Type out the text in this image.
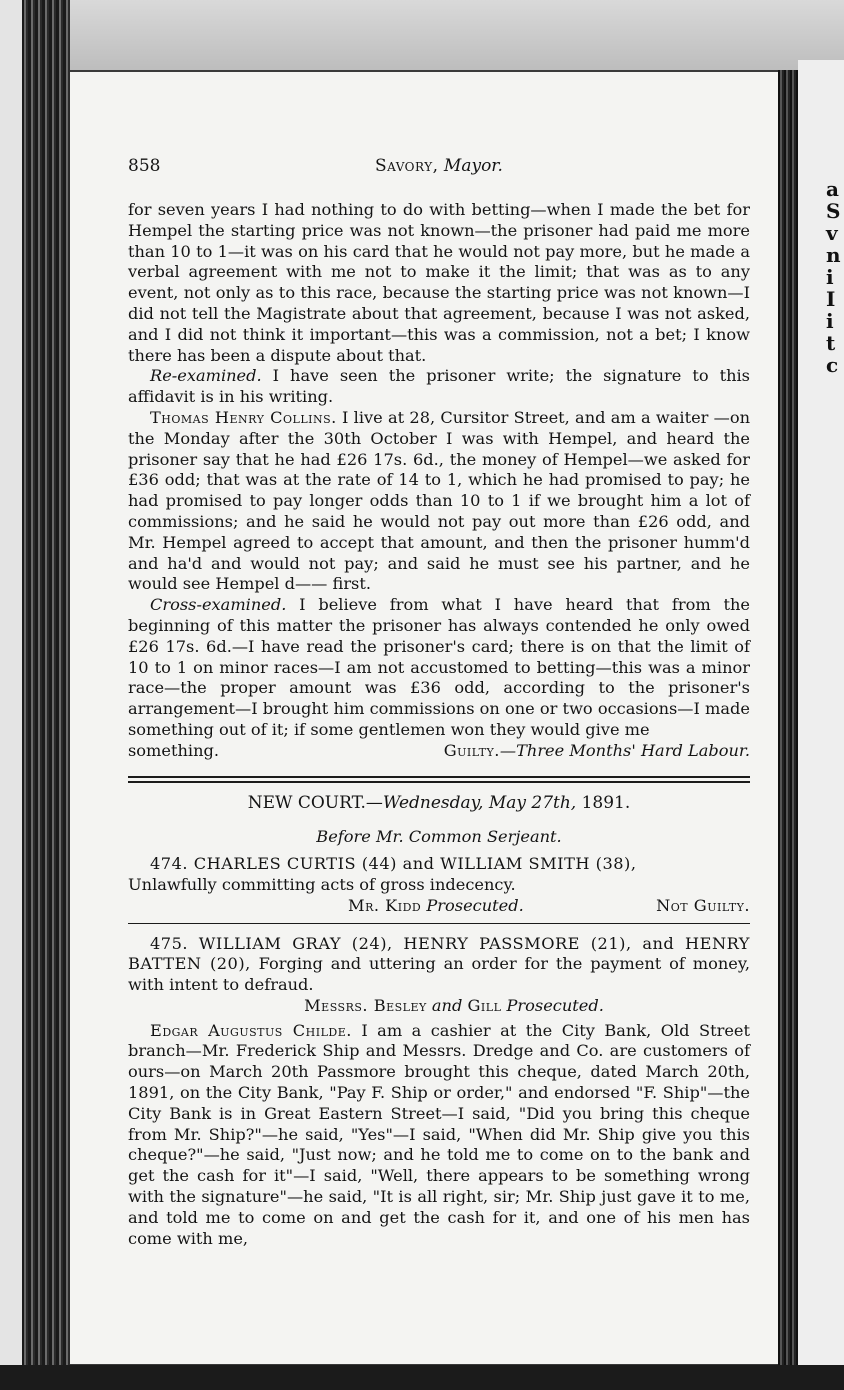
a
S
v
n
i
I
i
t
c
858	Savory, Mayor.

for seven years I had nothing to do with betting—when I made the bet for Hempel the starting price was not known—the prisoner had paid me more than 10 to 1—it was on his card that he would not pay more, but he made a verbal agreement with me not to make it the limit; that was as to any event, not only as to this race, because the starting price was not known—I did not tell the Magistrate about that agreement, because I was not asked, and I did not think it important—this was a commission, not a bet; I know there has been a dispute about that.

Re-examined. I have seen the prisoner write; the signature to this affidavit is in his writing.

Thomas Henry Collins. I live at 28, Cursitor Street, and am a waiter —on the Monday after the 30th October I was with Hempel, and heard the prisoner say that he had £26 17s. 6d., the money of Hempel—we asked for £36 odd; that was at the rate of 14 to 1, which he had promised to pay; he had promised to pay longer odds than 10 to 1 if we brought him a lot of commissions; and he said he would not pay out more than £26 odd, and Mr. Hempel agreed to accept that amount, and then the prisoner humm'd and ha'd and would not pay; and said he must see his partner, and he would see Hempel d—— first.

Cross-examined. I believe from what I have heard that from the beginning of this matter the prisoner has always contended he only owed £26 17s. 6d.—I have read the prisoner's card; there is on that the limit of 10 to 1 on minor races—I am not accustomed to betting—this was a minor race—the proper amount was £36 odd, according to the prisoner's arrangement—I brought him commissions on one or two occasions—I made something out of it; if some gentlemen won they would give me

something.	Guilty.—Three Months' Hard Labour.
NEW COURT.—Wednesday, May 27th, 1891.
Before Mr. Common Serjeant.

474. CHARLES CURTIS (44) and WILLIAM SMITH (38),

Unlawfully committing acts of gross indecency.

Mr. Kidd Prosecuted.	Not Guilty.

475. WILLIAM GRAY (24), HENRY PASSMORE (21), and HENRY BATTEN (20), Forging and uttering an order for the payment of money, with intent to defraud.

Messrs. Besley and Gill Prosecuted.

Edgar Augustus Childe. I am a cashier at the City Bank, Old Street branch—Mr. Frederick Ship and Messrs. Dredge and Co. are customers of ours—on March 20th Passmore brought this cheque, dated March 20th, 1891, on the City Bank, "Pay F. Ship or order," and endorsed "F. Ship"—the City Bank is in Great Eastern Street—I said, "Did you bring this cheque from Mr. Ship?"—he said, "Yes"—I said, "When did Mr. Ship give you this cheque?"—he said, "Just now; and he told me to come on to the bank and get the cash for it"—I said, "Well, there appears to be something wrong with the signature"—he said, "It is all right, sir; Mr. Ship just gave it to me, and told me to come on and get the cash for it, and one of his men has come with me,
